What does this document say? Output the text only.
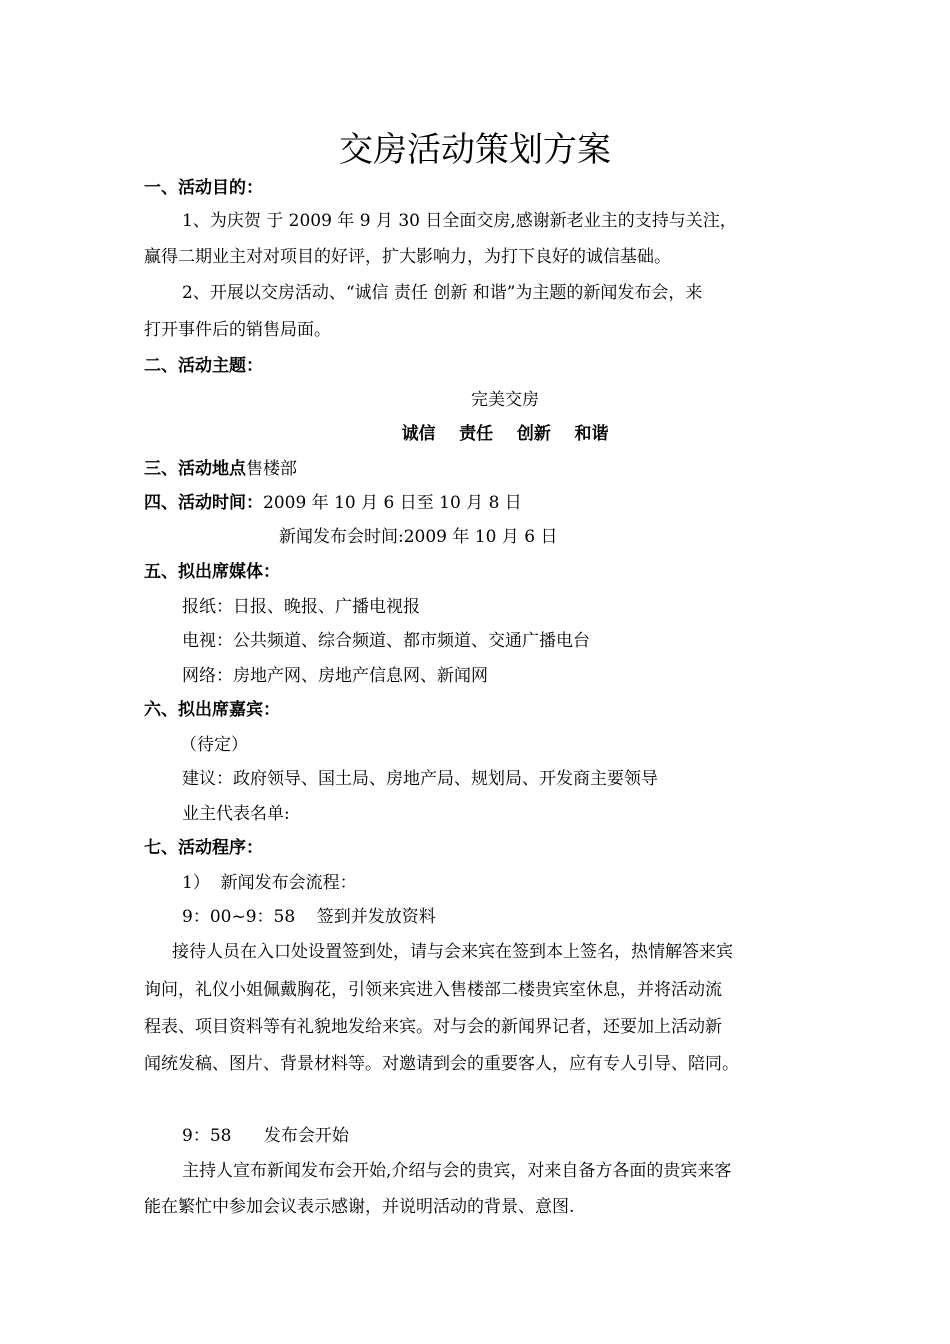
交房活动策划方案
一、活动目的：
1、为庆贺 于 2009 年 9 月 30 日全面交房,感谢新老业主的支持与关注，
赢得二期业主对对项目的好评，扩大影响力，为打下良好的诚信基础。
2、开展以交房活动、“诚信 责任 创新 和谐”为主题的新闻发布会，来
打开事件后的销售局面。
二、活动主题：
完美交房
诚信    责任    创新    和谐
三、活动地点售楼部
四、活动时间：2009 年 10 月 6 日至 10 月 8 日
新闻发布会时间:2009 年 10 月 6 日
五、拟出席媒体：
报纸：日报、晚报、广播电视报
电视：公共频道、综合频道、都市频道、交通广播电台
网络：房地产网、房地产信息网、新闻网
六、拟出席嘉宾：
（待定）
建议：政府领导、国土局、房地产局、规划局、开发商主要领导
业主代表名单:
七、活动程序：
1）  新闻发布会流程：
9：00~9：58    签到并发放资料
接待人员在入口处设置签到处，请与会来宾在签到本上签名，热情解答来宾
询问，礼仪小姐佩戴胸花，引领来宾进入售楼部二楼贵宾室休息，并将活动流
程表、项目资料等有礼貌地发给来宾。对与会的新闻界记者，还要加上活动新
闻统发稿、图片、背景材料等。对邀请到会的重要客人，应有专人引导、陪同。
9：58      发布会开始
主持人宣布新闻发布会开始,介绍与会的贵宾，对来自备方各面的贵宾来客
能在繁忙中参加会议表示感谢，并说明活动的背景、意图.
